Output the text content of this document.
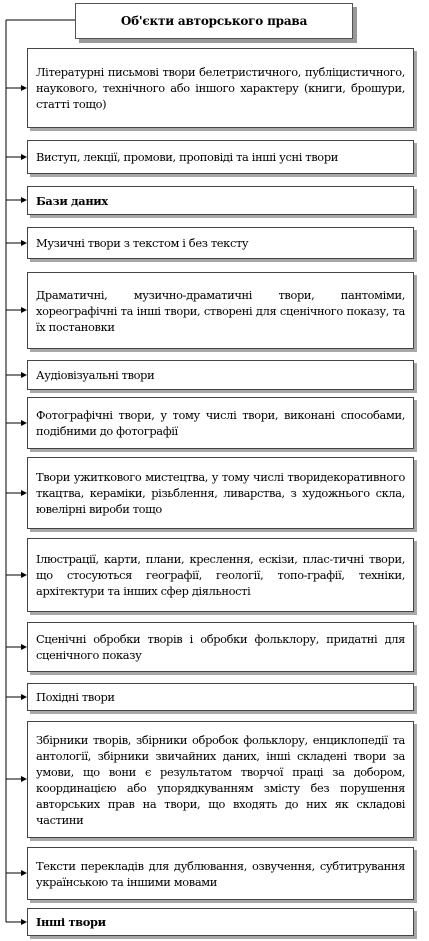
Об'єкти авторського права
Літературні письмові твори белетристичного, публіцистичного, наукового, технічного або іншого характеру (книги, брошури, статті тощо)
Виступ, лекції, промови, проповіді та інші усні твори
Бази даних
Музичні твори з текстом і без тексту
Драматичні, музично-драматичні твори, пантоміми, хореографічні та інші твори, створені для сценічного показу, та їх постановки
Аудіовізуальні твори
Фотографічні твори, у тому числі твори, виконані способами, подібними до фотографії
Твори ужиткового мистецтва, у тому числі творидекоративного ткацтва, кераміки, різьблення, ливарства, з художнього скла, ювелірні вироби тощо
Ілюстрації, карти, плани, креслення, ескізи, плас-тичні твори, що стосуються географії, геології, топо-графії, техніки, архітектури та інших сфер діяльності
Сценічні обробки творів і обробки фольклору, придатні для сценічного показу
Похідні твори
Збірники творів, збірники обробок фольклору, енциклопедії та антології, збірники звичайних даних, інші складені твори за умови, що вони є результатом творчої праці за добором, координацією або упорядкуванням змісту без порушення авторських прав на твори, що входять до них як складові частини
Тексти перекладів для дублювання, озвучення, субтитрування українською та іншими мовами
Інші твори
